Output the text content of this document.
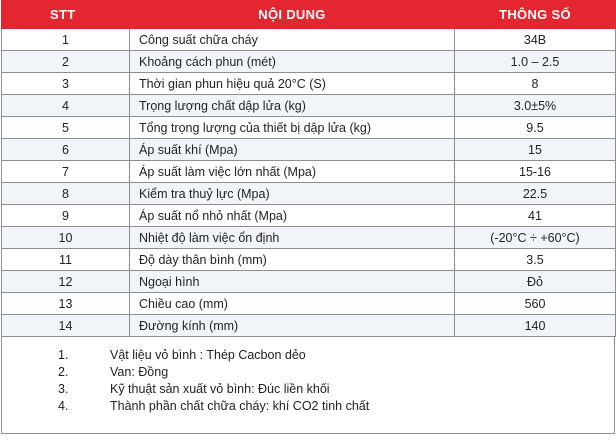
STT	NỘI DUNG	THÔNG SỐ
1	Công suất chữa cháy	34B
2	Khoảng cách phun (mét)	1.0 – 2.5
3	Thời gian phun hiệu quả 20°C (S)	8
4	Trọng lượng chất dập lửa (kg)	3.0±5%
5	Tổng trọng lượng của thiết bị dập lửa (kg)	9.5
6	Áp suất khí (Mpa)	15
7	Áp suất làm việc lớn nhất (Mpa)	15-16
8	Kiểm tra thuỷ lực (Mpa)	22.5
9	Áp suất nổ nhỏ nhất (Mpa)	41
10	Nhiệt độ làm việc ổn định	(-20°C ÷ +60°C)
11	Độ dày thân bình (mm)	3.5
12	Ngoại hình	Đỏ
13	Chiều cao (mm)	560
14	Đường kính (mm)	140
1.	Vật liệu vỏ bình : Thép Cacbon dẻo
2.	Van: Đồng
3.	Kỹ thuật sản xuất vỏ bình: Đúc liền khối
4.	Thành phần chất chữa cháy: khí CO2 tinh chất
